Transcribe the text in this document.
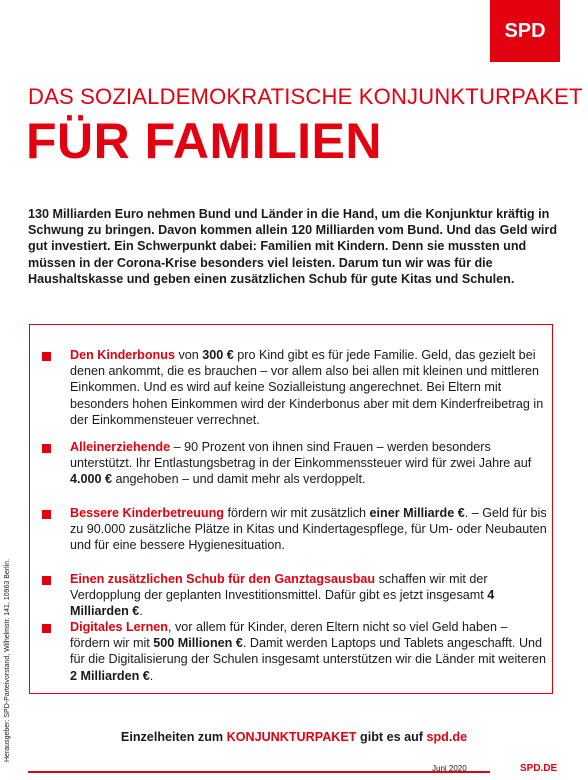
SPD
DAS SOZIALDEMOKRATISCHE KONJUNKTURPAKET
FÜR FAMILIEN
130 Milliarden Euro nehmen Bund und Länder in die Hand, um die Konjunktur kräftig in Schwung zu bringen. Davon kommen allein 120 Milliarden vom Bund. Und das Geld wird gut investiert. Ein Schwerpunkt dabei: Familien mit Kindern. Denn sie mussten und müssen in der Corona-Krise besonders viel leisten. Darum tun wir was für die Haushaltskasse und geben einen zusätzlichen Schub für gute Kitas und Schulen.
Den Kinderbonus von 300 € pro Kind gibt es für jede Familie. Geld, das gezielt bei denen ankommt, die es brauchen – vor allem also bei allen mit kleinen und mittleren Einkommen. Und es wird auf keine Sozialleistung angerechnet. Bei Eltern mit besonders hohen Einkommen wird der Kinderbonus aber mit dem Kinderfreibetrag in der Einkommensteuer verrechnet.
Alleinerziehende – 90 Prozent von ihnen sind Frauen – werden besonders unterstützt. Ihr Entlastungsbetrag in der Einkommenssteuer wird für zwei Jahre auf 4.000 € angehoben – und damit mehr als verdoppelt.
Bessere Kinderbetreuung fördern wir mit zusätzlich einer Milliarde €. – Geld für bis zu 90.000 zusätzliche Plätze in Kitas und Kindertagespflege, für Um- oder Neubauten und für eine bessere Hygienesituation.
Einen zusätzlichen Schub für den Ganztagsausbau schaffen wir mit der Verdopplung der geplanten Investitionsmittel. Dafür gibt es jetzt insgesamt 4 Milliarden €.
Digitales Lernen, vor allem für Kinder, deren Eltern nicht so viel Geld haben – fördern wir mit 500 Millionen €. Damit werden Laptops und Tablets angeschafft. Und für die Digitalisierung der Schulen insgesamt unterstützen wir die Länder mit weiteren 2 Milliarden €.
Einzelheiten zum KONJUNKTURPAKET gibt es auf spd.de
Herausgeber: SPD-Parteivorstand, Wilhelmstr. 141, 10963 Berlin.
Juni 2020	SPD.DE
